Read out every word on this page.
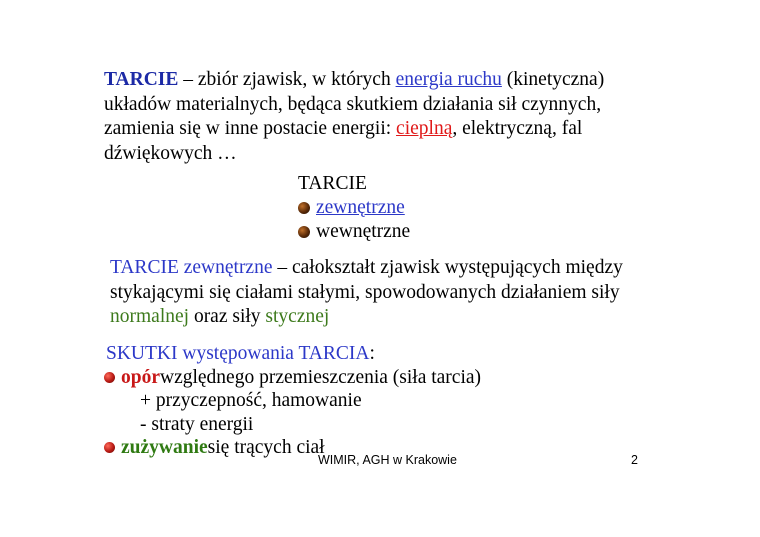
TARCIE – zbiór zjawisk, w których energia ruchu (kinetyczna) układów materialnych, będąca skutkiem działania sił czynnych, zamienia się w inne postacie energii: cieplną, elektryczną, fal dźwiękowych …
TARCIE
zewnętrzne
wewnętrzne
TARCIE zewnętrzne – całokształt zjawisk występujących między
stykającymi się ciałami stałymi, spowodowanych działaniem siły
normalnej oraz siły stycznej
SKUTKI występowania TARCIA:
opór względnego przemieszczenia (siła tarcia)
+ przyczepność, hamowanie
- straty energii
zużywanie się trących ciał
WIMIR, AGH w Krakowie	2
